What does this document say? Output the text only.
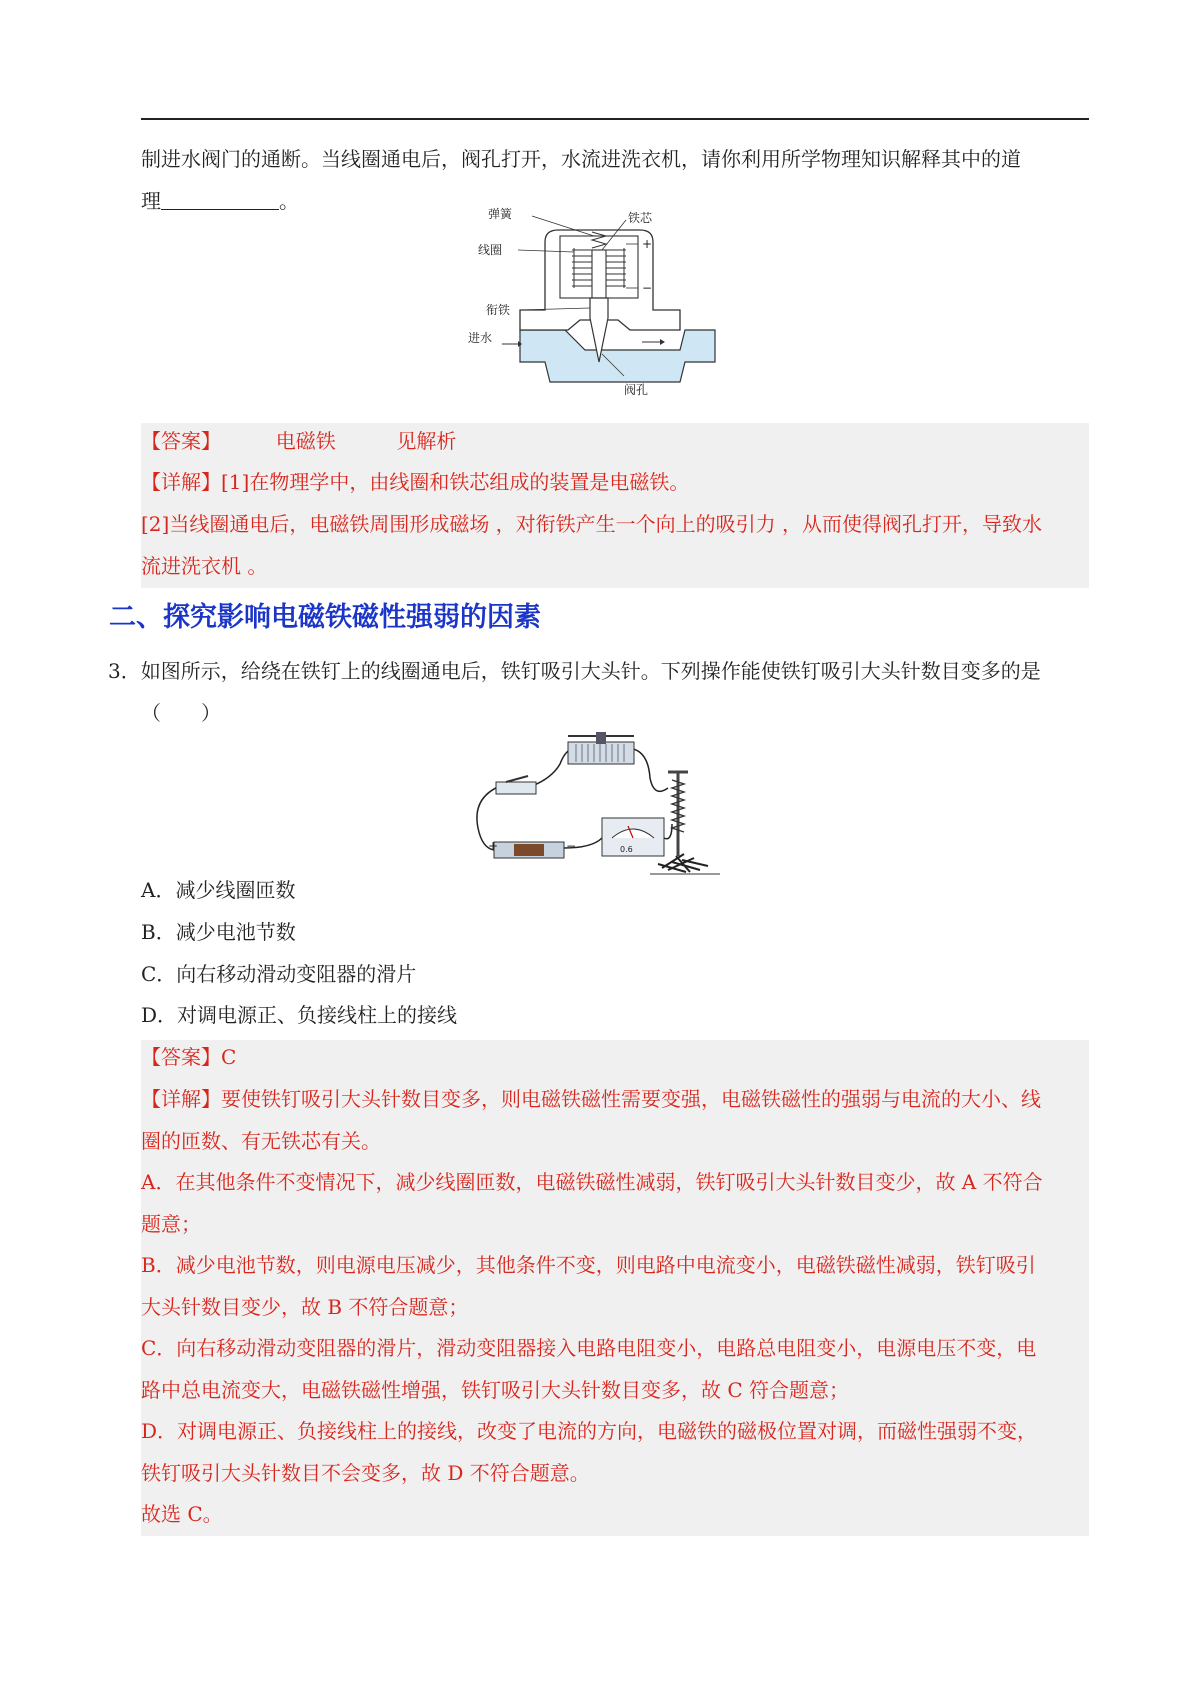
制进水阀门的通断。当线圈通电后，阀孔打开，水流进洗衣机，请你利用所学物理知识解释其中的道
理	。
弹簧	铁芯
+
线圈
−
衔铁
进水
阀孔
【答案】	电磁铁	见解析
【详解】[1]在物理学中，由线圈和铁芯组成的装置是电磁铁。
[2]当线圈通电后，电磁铁周围形成磁场 ，对衔铁产生一个向上的吸引力 ，从而使得阀孔打开，导致水
流进洗衣机 。
二、探究影响电磁铁磁性强弱的因素
3．如图所示，给绕在铁钉上的线圈通电后，铁钉吸引大头针。下列操作能使铁钉吸引大头针数目变多的是
（　　）
+	−	0.6
A．减少线圈匝数
B．减少电池节数
C．向右移动滑动变阻器的滑片
D．对调电源正、负接线柱上的接线
【答案】C
【详解】要使铁钉吸引大头针数目变多，则电磁铁磁性需要变强，电磁铁磁性的强弱与电流的大小、线
圈的匝数、有无铁芯有关。
A．在其他条件不变情况下，减少线圈匝数，电磁铁磁性减弱，铁钉吸引大头针数目变少，故 A 不符合
题意；
B．减少电池节数，则电源电压减少，其他条件不变，则电路中电流变小，电磁铁磁性减弱，铁钉吸引
大头针数目变少，故 B 不符合题意；
C．向右移动滑动变阻器的滑片，滑动变阻器接入电路电阻变小，电路总电阻变小，电源电压不变，电
路中总电流变大，电磁铁磁性增强，铁钉吸引大头针数目变多，故 C 符合题意；
D．对调电源正、负接线柱上的接线，改变了电流的方向，电磁铁的磁极位置对调，而磁性强弱不变，
铁钉吸引大头针数目不会变多，故 D 不符合题意。
故选 C。
